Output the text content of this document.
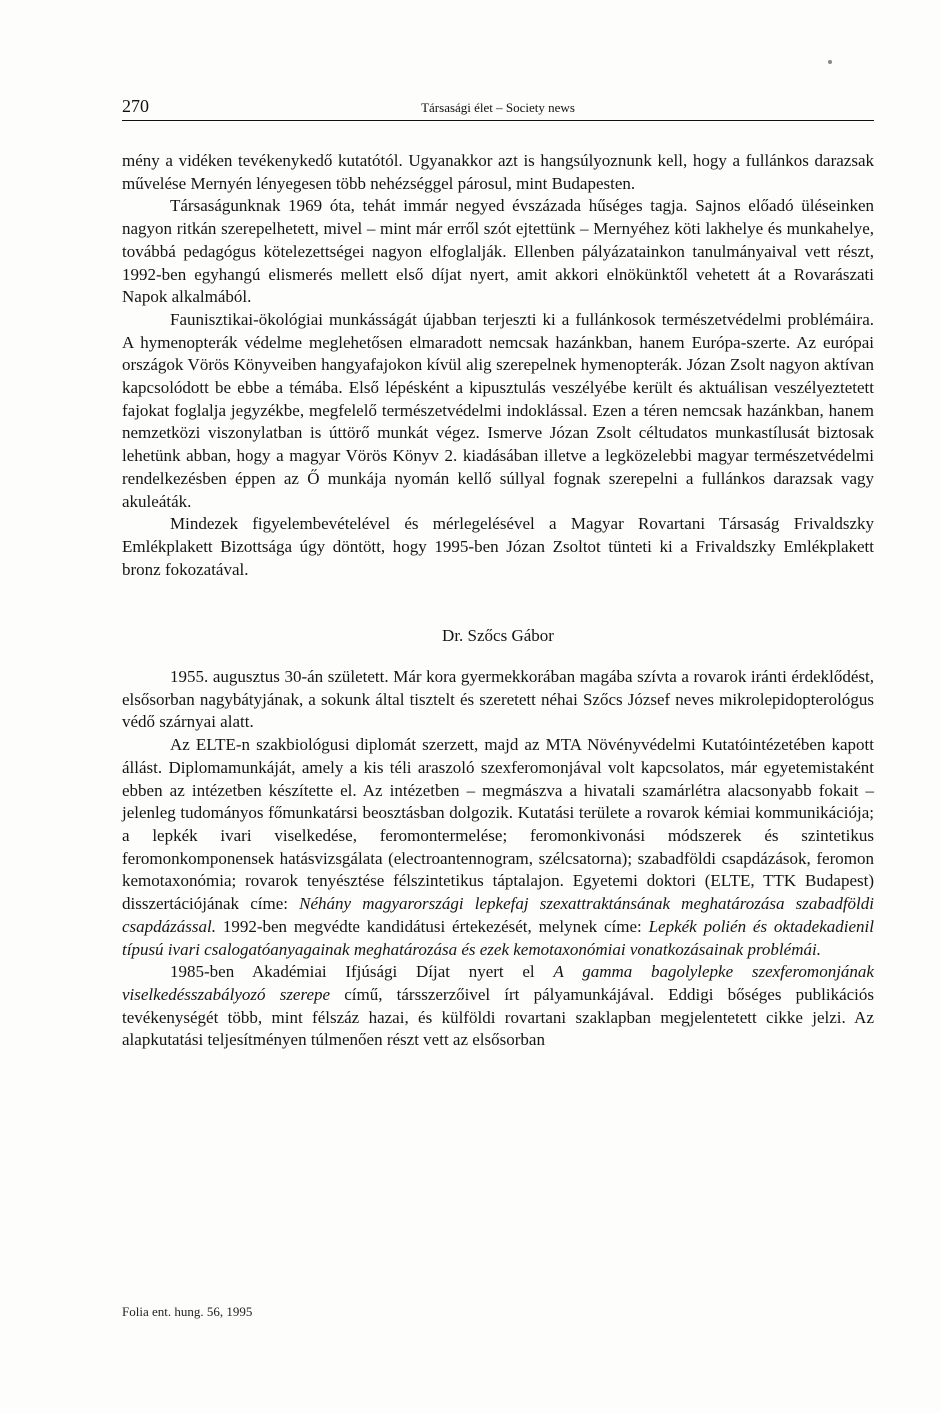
270	Társasági élet – Society news

mény a vidéken tevékenykedő kutatótól. Ugyanakkor azt is hangsúlyoznunk kell, hogy a fullánkos darazsak művelése Mernyén lényegesen több nehézséggel párosul, mint Budapesten.

Társaságunknak 1969 óta, tehát immár negyed évszázada hűséges tagja. Sajnos előadó üléseinken nagyon ritkán szerepelhetett, mivel – mint már erről szót ejtettünk – Mernyéhez köti lakhelye és munkahelye, továbbá pedagógus kötelezettségei nagyon elfoglalják. Ellenben pályázatainkon tanulmányaival vett részt, 1992-ben egyhangú elismerés mellett első díjat nyert, amit akkori elnökünktől vehetett át a Rovarászati Napok alkalmából.

Faunisztikai-ökológiai munkásságát újabban terjeszti ki a fullánkosok természetvédelmi problémáira. A hymenopterák védelme meglehetősen elmaradott nemcsak hazánkban, hanem Európa-szerte. Az európai országok Vörös Könyveiben hangyafajokon kívül alig szerepelnek hymenopterák. Józan Zsolt nagyon aktívan kapcsolódott be ebbe a témába. Első lépésként a kipusztulás veszélyébe került és aktuálisan veszélyeztetett fajokat foglalja jegyzékbe, megfelelő természetvédelmi indoklással. Ezen a téren nemcsak hazánkban, hanem nemzetközi viszonylatban is úttörő munkát végez. Ismerve Józan Zsolt céltudatos munkastílusát biztosak lehetünk abban, hogy a magyar Vörös Könyv 2. kiadásában illetve a legközelebbi magyar természetvédelmi rendelkezésben éppen az Ő munkája nyomán kellő súllyal fognak szerepelni a fullánkos darazsak vagy akuleáták.

Mindezek figyelembevételével és mérlegelésével a Magyar Rovartani Társaság Frivaldszky Emlékplakett Bizottsága úgy döntött, hogy 1995-ben Józan Zsoltot tünteti ki a Frivaldszky Emlékplakett bronz fokozatával.

Dr. Szőcs Gábor

1955. augusztus 30-án született. Már kora gyermekkorában magába szívta a rovarok iránti érdeklődést, elsősorban nagybátyjának, a sokunk által tisztelt és szeretett néhai Szőcs József neves mikrolepidopterológus védő szárnyai alatt.

Az ELTE-n szakbiológusi diplomát szerzett, majd az MTA Növényvédelmi Kutatóintézetében kapott állást. Diplomamunkáját, amely a kis téli araszoló szexferomonjával volt kapcsolatos, már egyetemistaként ebben az intézetben készítette el. Az intézetben – megmászva a hivatali szamárlétra alacsonyabb fokait – jelenleg tudományos főmunkatársi beosztásban dolgozik. Kutatási területe a rovarok kémiai kommunikációja; a lepkék ivari viselkedése, feromontermelése; feromonkivonási módszerek és szintetikus feromonkomponensek hatásvizsgálata (electroantennogram, szélcsatorna); szabadföldi csapdázások, feromon kemotaxonómia; rovarok tenyésztése félszintetikus táptalajon. Egyetemi doktori (ELTE, TTK Budapest) disszertációjának címe: Néhány magyarországi lepkefaj szexattraktánsának meghatározása szabadföldi csapdázással. 1992-ben megvédte kandidátusi értekezését, melynek címe: Lepkék polién és oktadekadienil típusú ivari csalogatóanyagainak meghatározása és ezek kemotaxonómiai vonatkozásainak problémái.

1985-ben Akadémiai Ifjúsági Díjat nyert el A gamma bagolylepke szexferomonjának viselkedésszabályozó szerepe című, társszerzőivel írt pályamunkájával. Eddigi bőséges publikációs tevékenységét több, mint félszáz hazai, és külföldi rovartani szaklapban megjelentetett cikke jelzi. Az alapkutatási teljesítményen túlmenően részt vett az elsősorban

Folia ent. hung. 56, 1995
